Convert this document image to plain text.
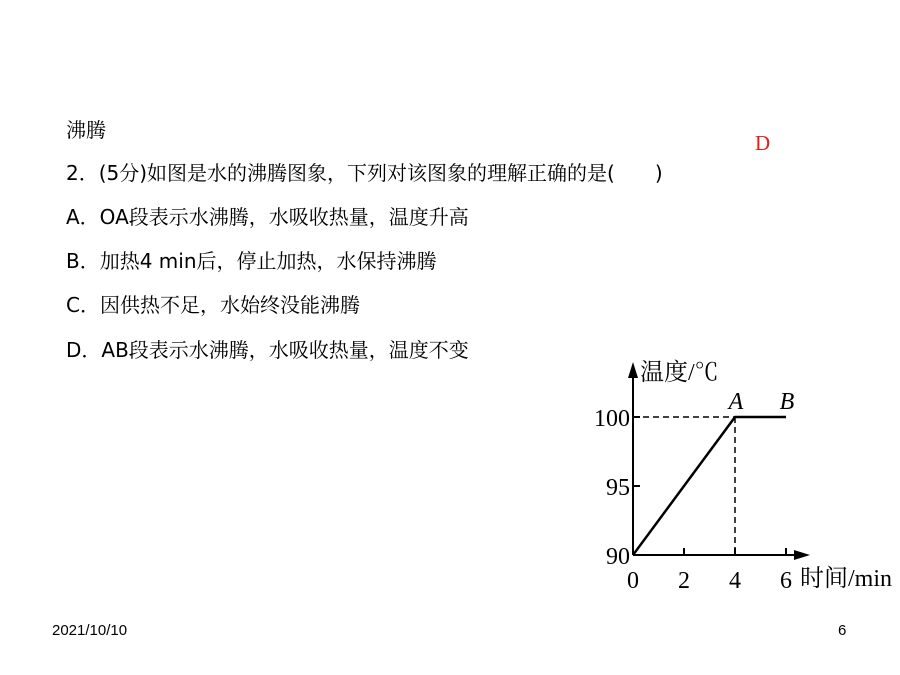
沸腾
2．(5分)如图是水的沸腾图象，下列对该图象的理解正确的是(　　)
D
A．OA段表示水沸腾，水吸收热量，温度升高
B．加热4 min后，停止加热，水保持沸腾
C．因供热不足，水始终没能沸腾
D．AB段表示水沸腾，水吸收热量，温度不变
温度/℃
时间/min
0 2 4 6
90
95
100
A B
2021/10/10	6
